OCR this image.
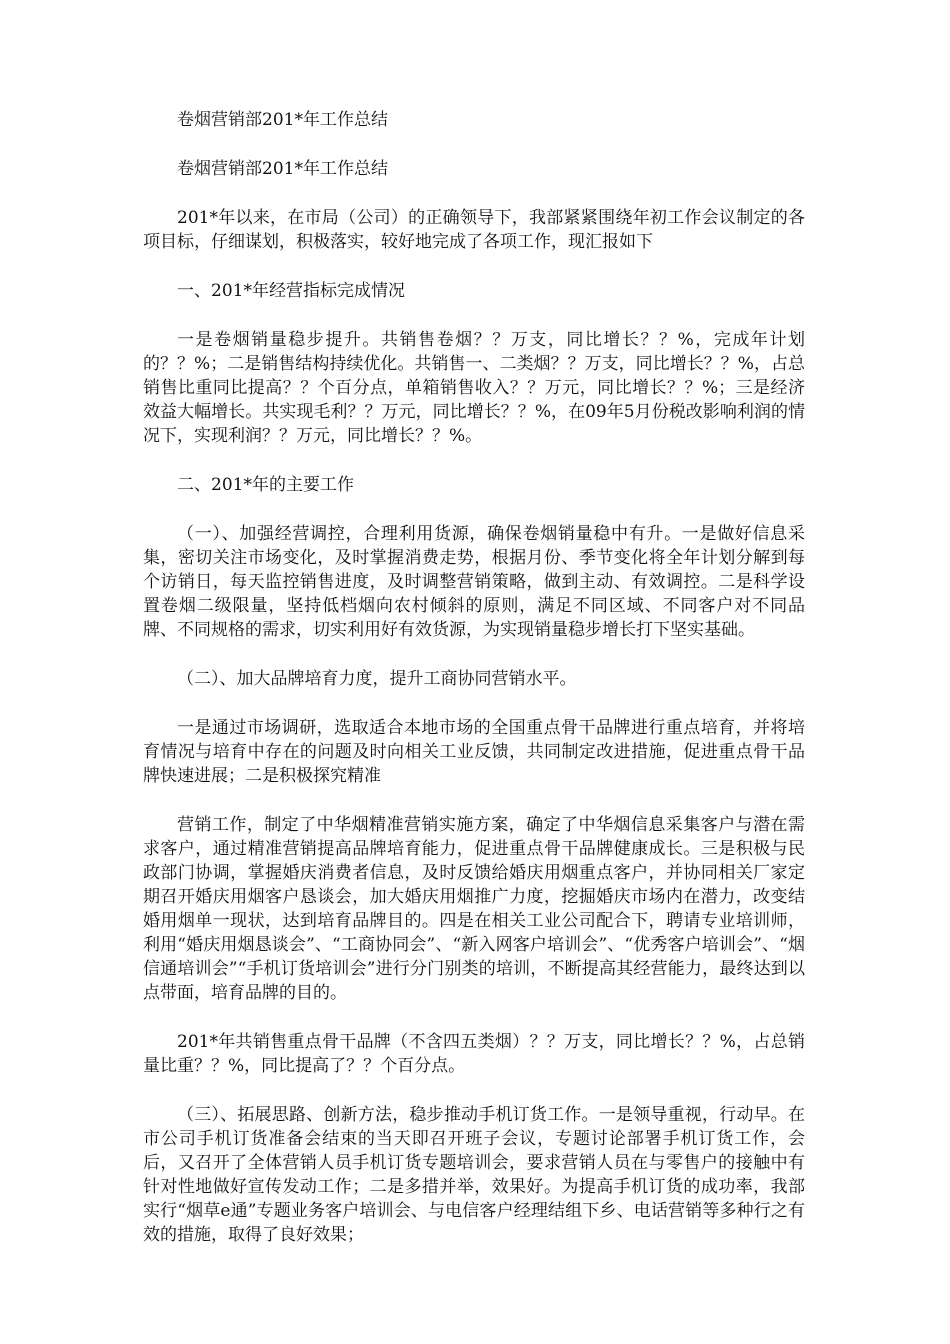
卷烟营销部201*年工作总结

卷烟营销部201*年工作总结

201*年以来，在市局（公司）的正确领导下，我部紧紧围绕年初工作会议制定的各项目标，仔细谋划，积极落实，较好地完成了各项工作，现汇报如下

一、201*年经营指标完成情况

一是卷烟销量稳步提升。共销售卷烟？？万支，同比增长？？%，完成年计划的？？%；二是销售结构持续优化。共销售一、二类烟？？万支，同比增长？？%，占总销售比重同比提高？？个百分点，单箱销售收入？？万元，同比增长？？%；三是经济效益大幅增长。共实现毛利？？万元，同比增长？？%，在09年5月份税改影响利润的情况下，实现利润？？万元，同比增长？？%。

二、201*年的主要工作

（一）、加强经营调控，合理利用货源，确保卷烟销量稳中有升。一是做好信息采集，密切关注市场变化，及时掌握消费走势，根据月份、季节变化将全年计划分解到每个访销日，每天监控销售进度，及时调整营销策略，做到主动、有效调控。二是科学设置卷烟二级限量，坚持低档烟向农村倾斜的原则，满足不同区域、不同客户对不同品牌、不同规格的需求，切实利用好有效货源，为实现销量稳步增长打下坚实基础。

（二）、加大品牌培育力度，提升工商协同营销水平。

一是通过市场调研，选取适合本地市场的全国重点骨干品牌进行重点培育，并将培育情况与培育中存在的问题及时向相关工业反馈，共同制定改进措施，促进重点骨干品牌快速进展；二是积极探究精准

营销工作，制定了中华烟精准营销实施方案，确定了中华烟信息采集客户与潜在需求客户，通过精准营销提高品牌培育能力，促进重点骨干品牌健康成长。三是积极与民政部门协调，掌握婚庆消费者信息，及时反馈给婚庆用烟重点客户，并协同相关厂家定期召开婚庆用烟客户恳谈会，加大婚庆用烟推广力度，挖掘婚庆市场内在潜力，改变结婚用烟单一现状，达到培育品牌目的。四是在相关工业公司配合下，聘请专业培训师，利用“婚庆用烟恳谈会”、“工商协同会”、“新入网客户培训会”、“优秀客户培训会”、“烟信通培训会”“手机订货培训会”进行分门别类的培训，不断提高其经营能力，最终达到以点带面，培育品牌的目的。

201*年共销售重点骨干品牌（不含四五类烟）？？万支，同比增长？？%，占总销量比重？？%，同比提高了？？个百分点。

（三）、拓展思路、创新方法，稳步推动手机订货工作。一是领导重视，行动早。在市公司手机订货准备会结束的当天即召开班子会议，专题讨论部署手机订货工作，会后，又召开了全体营销人员手机订货专题培训会，要求营销人员在与零售户的接触中有针对性地做好宣传发动工作；二是多措并举，效果好。为提高手机订货的成功率，我部实行“烟草e通”专题业务客户培训会、与电信客户经理结组下乡、电话营销等多种行之有效的措施，取得了良好效果；
